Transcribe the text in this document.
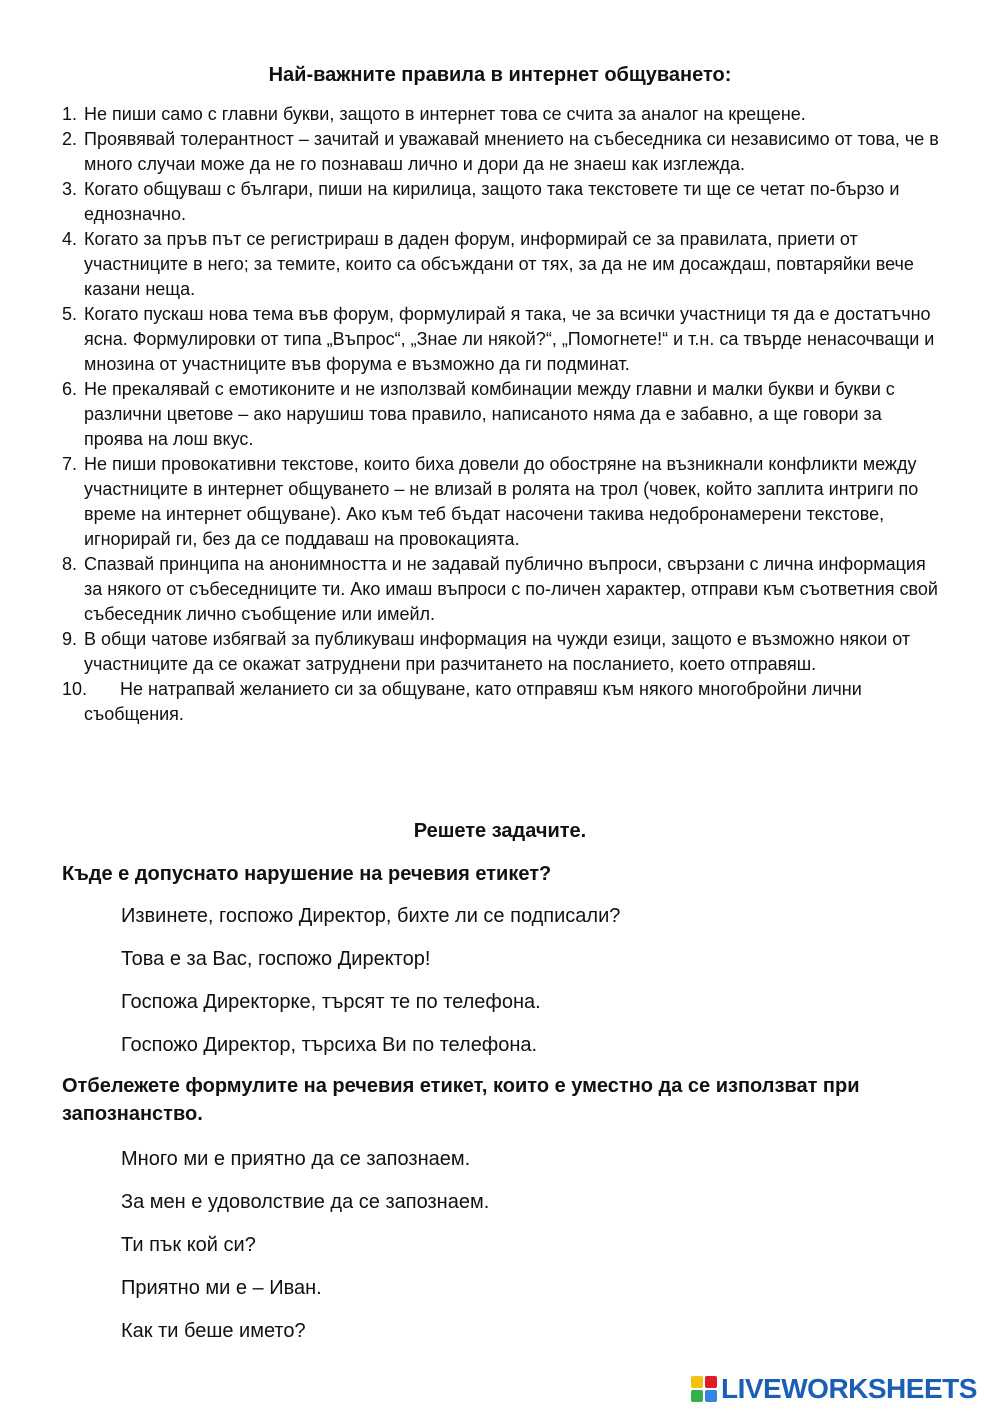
Най-важните правила в интернет общуването:
1. Не пиши само с главни букви, защото в интернет това се счита за аналог на крещене.
2. Проявявай толерантност – зачитай и уважавай мнението на събеседника си независимо от това, че в много случаи може да не го познаваш лично и дори да не знаеш как изглежда.
3. Когато общуваш с българи, пиши на кирилица, защото така текстовете ти ще се четат по-бързо и еднозначно.
4. Когато за пръв път се регистрираш в даден форум, информирай се за правилата, приети от участниците в него; за темите, които са обсъждани от тях, за да не им досаждаш, повтаряйки вече казани неща.
5. Когато пускаш нова тема във форум, формулирай я така, че за всички участници тя да е достатъчно ясна. Формулировки от типа „Въпрос“, „Знае ли някой?“, „Помогнете!“ и т.н. са твърде ненасочващи и мнозина от участниците във форума е възможно да ги подминат.
6. Не прекалявай с емотиконите и не използвай комбинации между главни и малки букви и букви с различни цветове – ако нарушиш това правило, написаното няма да е забавно, а ще говори за проява на лош вкус.
7. Не пиши провокативни текстове, които биха довели до обостряне на възникнали конфликти между участниците в интернет общуването – не влизай в ролята на трол (човек, който заплита интриги по време на интернет общуване). Ако към теб бъдат насочени такива недобронамерени текстове, игнорирай ги, без да се поддаваш на провокацията.
8. Спазвай принципа на анонимността и не задавай публично въпроси, свързани с лична информация за някого от събеседниците ти. Ако имаш въпроси с по-личен характер, отправи към съответния свой събеседник лично съобщение или имейл.
9. В общи чатове избягвай за публикуваш информация на чужди езици, защото е възможно някои от участниците да се окажат затруднени при разчитането на посланието, което отправяш.
10.	Не натрапвай желанието си за общуване, като отправяш към някого многобройни лични съобщения.
Решете задачите.
Къде е допуснато нарушение на речевия етикет?
Извинете, госпожо Директор, бихте ли се подписали?
Това е за Вас, госпожо Директор!
Госпожа Директорке, търсят те по телефона.
Госпожо Директор, търсиха Ви по телефона.
Отбележете формулите на речевия етикет, които е уместно да се използват при запознанство.
Много ми е приятно да се запознаем.
За мен е удоволствие да се запознаем.
Ти пък кой си?
Приятно ми е – Иван.
Как ти беше името?
LIVEWORKSHEETS
